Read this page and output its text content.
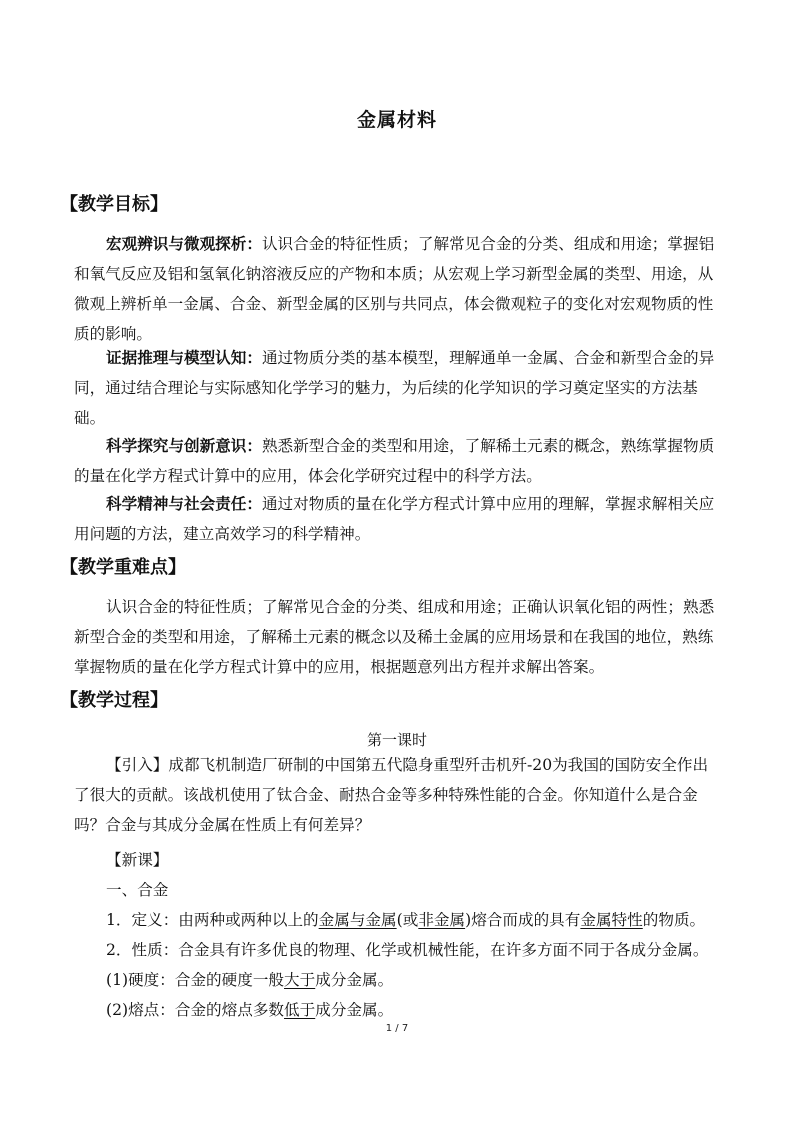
金属材料
【教学目标】

宏观辨识与微观探析：认识合金的特征性质；了解常见合金的分类、组成和用途；掌握铝和氧气反应及铝和氢氧化钠溶液反应的产物和本质；从宏观上学习新型金属的类型、用途，从微观上辨析单一金属、合金、新型金属的区别与共同点，体会微观粒子的变化对宏观物质的性质的影响。

证据推理与模型认知：通过物质分类的基本模型，理解通单一金属、合金和新型合金的异同，通过结合理论与实际感知化学学习的魅力，为后续的化学知识的学习奠定坚实的方法基础。

科学探究与创新意识：熟悉新型合金的类型和用途，了解稀土元素的概念，熟练掌握物质的量在化学方程式计算中的应用，体会化学研究过程中的科学方法。

科学精神与社会责任：通过对物质的量在化学方程式计算中应用的理解，掌握求解相关应用问题的方法，建立高效学习的科学精神。

【教学重难点】

认识合金的特征性质；了解常见合金的分类、组成和用途；正确认识氧化铝的两性；熟悉新型合金的类型和用途，了解稀土元素的概念以及稀土金属的应用场景和在我国的地位，熟练掌握物质的量在化学方程式计算中的应用，根据题意列出方程并求解出答案。

【教学过程】
第一课时

【引入】成都飞机制造厂研制的中国第五代隐身重型歼击机歼-20为我国的国防安全作出了很大的贡献。该战机使用了钛合金、耐热合金等多种特殊性能的合金。你知道什么是合金吗？合金与其成分金属在性质上有何差异？

【新课】
一、合金
1．定义：由两种或两种以上的金属与金属(或非金属)熔合而成的具有金属特性的物质。
2．性质：合金具有许多优良的物理、化学或机械性能，在许多方面不同于各成分金属。
(1)硬度：合金的硬度一般大于成分金属。
(2)熔点：合金的熔点多数低于成分金属。
1 / 7
